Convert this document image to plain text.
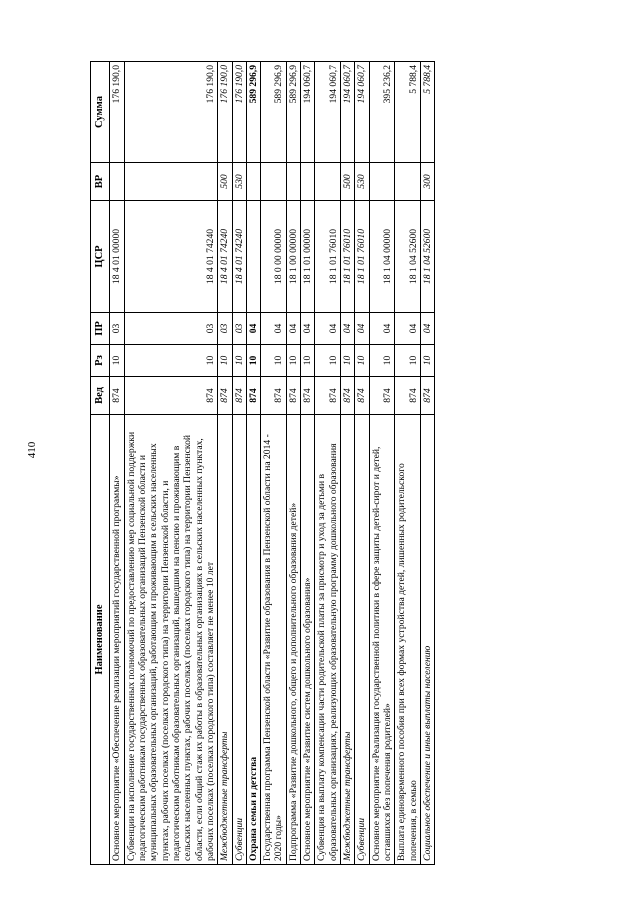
410
Наименование	Вед	Рз	ПР	ЦСР	ВР	Сумма
Основное мероприятие «Обеспечение реализации мероприятий государственной программы»	874	10	03	18 4 01 00000		176 190,0
Субвенции на исполнение государственных полномочий по предоставлению мер социальной поддержки педагогическим работникам государственных образовательных организаций Пензенской области и муниципальных образовательных организаций, работающим и проживающим в сельских населенных пунктах, рабочих поселках (поселках городского типа) на территории Пензенской области, и педагогическим работникам образовательных организаций, вышедшим на пенсию и проживающим в сельских населенных пунктах, рабочих поселках (поселках городского типа) на территории Пензенской области, если общий стаж их работы в образовательных организациях в сельских населенных пунктах, рабочих поселках (поселках городского типа) составляет не менее 10 лет	874	10	03	18 4 01 74240		176 190,0
Межбюджетные трансферты	874	10	03	18 4 01 74240	500	176 190,0
Субвенции	874	10	03	18 4 01 74240	530	176 190,0
Охрана семьи и детства	874	10	04			589 296,9
Государственная программа Пензенской области «Развитие образования в Пензенской области на 2014 - 2020 годы»	874	10	04	18 0 00 00000		589 296,9
Подпрограмма «Развитие дошкольного, общего и дополнительного образования детей»	874	10	04	18 1 00 00000		589 296,9
Основное мероприятие «Развитие систем дошкольного образования»	874	10	04	18 1 01 00000		194 060,7
Субвенция на выплату компенсации части родительской платы за присмотр и уход за детьми в образовательных организациях, реализующих образовательную программу дошкольного образования	874	10	04	18 1 01 76010		194 060,7
Межбюджетные трансферты	874	10	04	18 1 01 76010	500	194 060,7
Субвенции	874	10	04	18 1 01 76010	530	194 060,7
Основное мероприятие «Реализация государственной политики в сфере защиты детей-сирот и детей, оставшихся без попечения родителей»	874	10	04	18 1 04 00000		395 236,2
Выплата единовременного пособия при всех формах устройства детей, лишенных родительского попечения, в семью	874	10	04	18 1 04 52600		5 788,4
Социальное обеспечение и иные выплаты населению	874	10	04	18 1 04 52600	300	5 788,4
